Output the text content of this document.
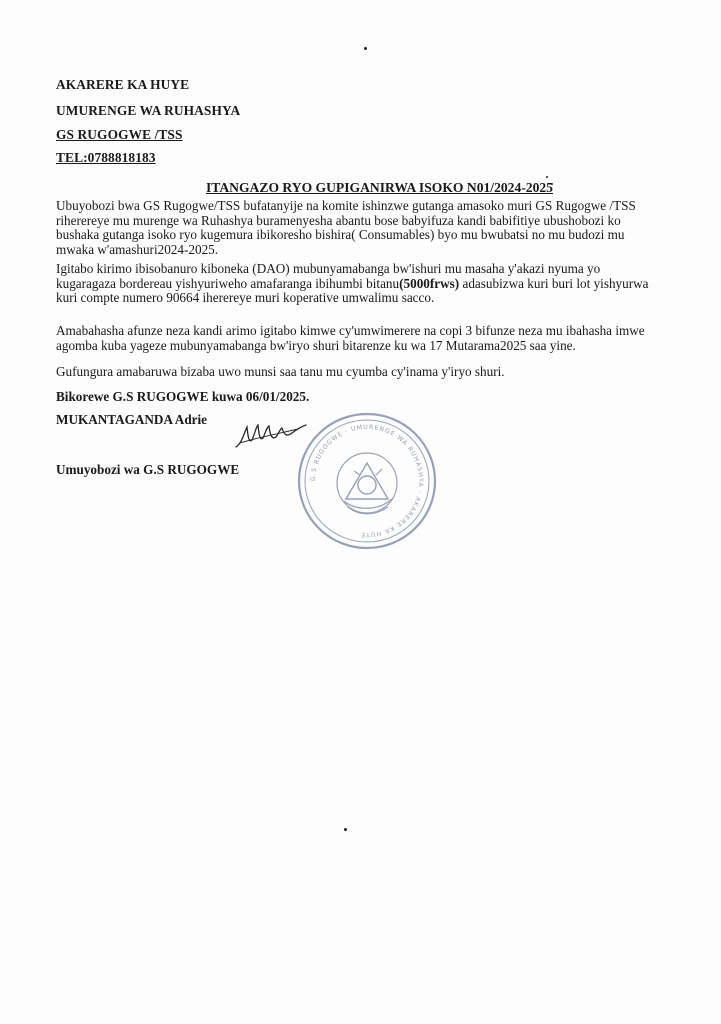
AKARERE KA HUYE
UMURENGE WA RUHASHYA
GS RUGOGWE /TSS
TEL:0788818183
ITANGAZO RYO GUPIGANIRWA ISOKO N01/2024-2025
Ubuyobozi bwa GS Rugogwe/TSS bufatanyije na komite ishinzwe gutanga amasoko muri GS Rugogwe /TSS riherereye mu murenge wa Ruhashya buramenyesha abantu bose babyifuza kandi babifitiye ubushobozi ko bushaka gutanga isoko ryo kugemura ibikoresho bishira( Consumables) byo mu bwubatsi no mu budozi mu mwaka w'amashuri2024-2025.
Igitabo kirimo ibisobanuro kiboneka (DAO) mubunyamabanga bw'ishuri mu masaha y'akazi nyuma yo kugaragaza bordereau yishyuriweho amafaranga ibihumbi bitanu(5000frws) adasubizwa kuri buri lot yishyurwa kuri compte numero 90664 iherereye muri koperative umwalimu sacco.
Amabahasha afunze neza kandi arimo igitabo kimwe cy'umwimerere na copi 3 bifunze neza mu ibahasha imwe agomba kuba yageze mubunyamabanga bw'iryo shuri bitarenze ku wa 17 Mutarama2025 saa yine.
Gufungura amabaruwa bizaba uwo munsi saa tanu mu cyumba cy'inama y'iryo shuri.
Bikorewe G.S RUGOGWE kuwa 06/01/2025.
MUKANTAGANDA Adrie
Umuyobozi wa G.S RUGOGWE
G.S RUGOGWE · UMURENGE WA RUHASHYA · AKARERE KA HUYE
